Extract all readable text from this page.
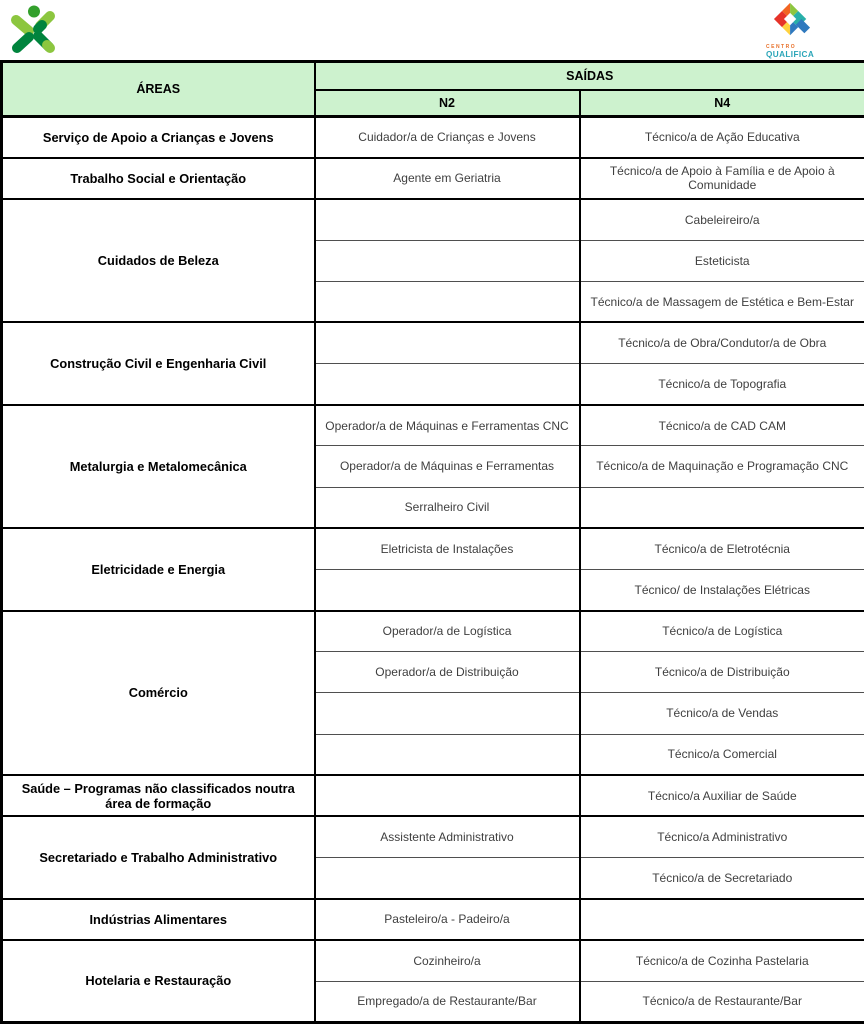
CENTRO
QUALIFICA
ÁREAS	SAÍDAS	
	N2	N4
Serviço de Apoio a Crianças e Jovens	Cuidador/a de Crianças e Jovens	Técnico/a de Ação Educativa
Trabalho Social e Orientação	Agente em Geriatria	Técnico/a de Apoio à Família e de Apoio à Comunidade
Cuidados de Beleza		Cabeleireiro/a
		Esteticista
		Técnico/a de Massagem de Estética e Bem-Estar
Construção Civil e Engenharia Civil		Técnico/a de Obra/Condutor/a de Obra
		Técnico/a de Topografia
Metalurgia e Metalomecânica	Operador/a de Máquinas e Ferramentas CNC	Técnico/a de CAD CAM
	Operador/a de Máquinas e Ferramentas	Técnico/a de Maquinação e Programação CNC
	Serralheiro Civil	
Eletricidade e Energia	Eletricista de Instalações	Técnico/a de Eletrotécnia
		Técnico/ de Instalações Elétricas
Comércio	Operador/a de Logística	Técnico/a de Logística
	Operador/a de Distribuição	Técnico/a de Distribuição
		Técnico/a de Vendas
		Técnico/a Comercial
Saúde – Programas não classificados noutra área de formação		Técnico/a Auxiliar de Saúde
Secretariado e Trabalho Administrativo	Assistente Administrativo	Técnico/a Administrativo
		Técnico/a de Secretariado
Indústrias Alimentares	Pasteleiro/a - Padeiro/a	
Hotelaria e Restauração	Cozinheiro/a	Técnico/a de Cozinha Pastelaria
	Empregado/a de Restaurante/Bar	Técnico/a de Restaurante/Bar
